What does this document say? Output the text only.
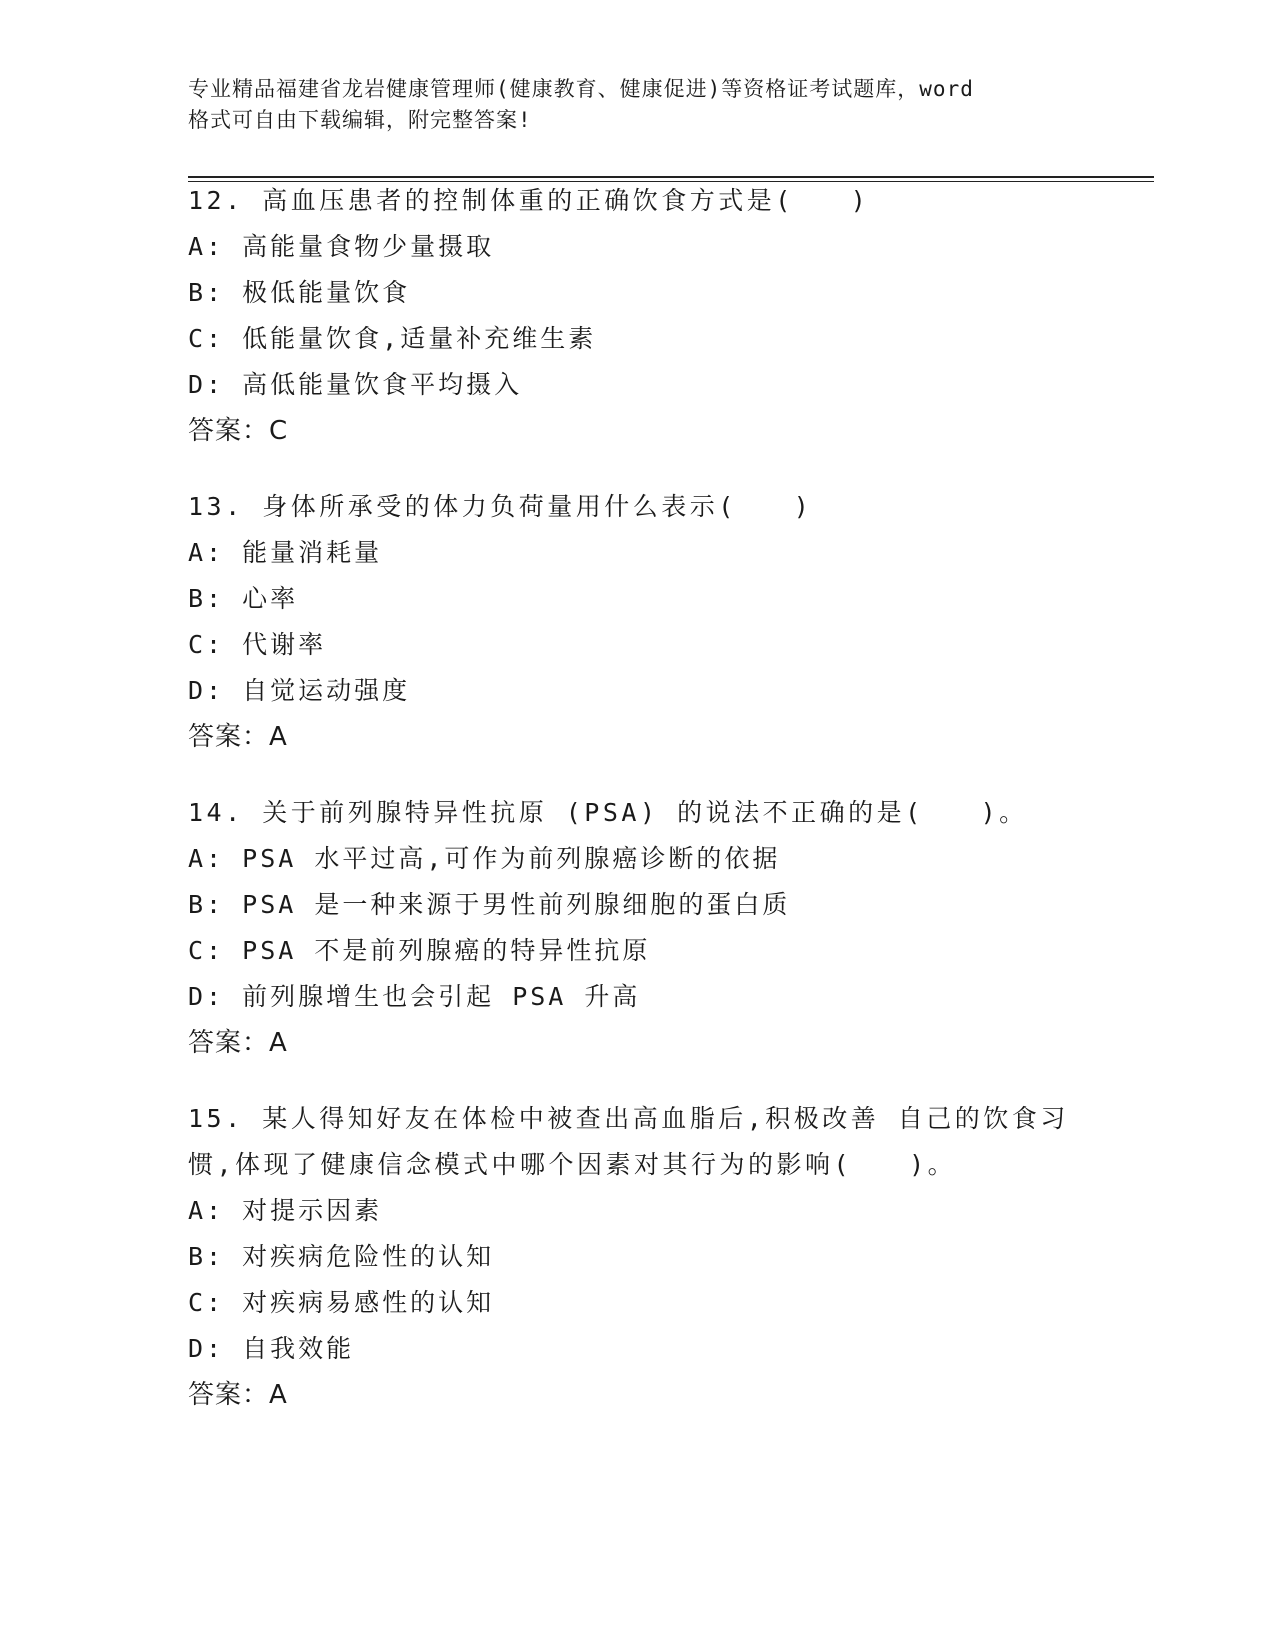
专业精品福建省龙岩健康管理师(健康教育、健康促进)等资格证考试题库，word
格式可自由下载编辑，附完整答案!
12. 高血压患者的控制体重的正确饮食方式是(　　)
A: 高能量食物少量摄取
B: 极低能量饮食
C: 低能量饮食,适量补充维生素
D: 高低能量饮食平均摄入
答案：C
13. 身体所承受的体力负荷量用什么表示(　　)
A: 能量消耗量
B: 心率
C: 代谢率
D: 自觉运动强度
答案：A
14. 关于前列腺特异性抗原 (PSA) 的说法不正确的是(　　)。
A: PSA 水平过高,可作为前列腺癌诊断的依据
B: PSA 是一种来源于男性前列腺细胞的蛋白质
C: PSA 不是前列腺癌的特异性抗原
D: 前列腺增生也会引起 PSA 升高
答案：A
15. 某人得知好友在体检中被查出高血脂后,积极改善 自己的饮食习
惯,体现了健康信念模式中哪个因素对其行为的影响(　　)。
A: 对提示因素
B: 对疾病危险性的认知
C: 对疾病易感性的认知
D: 自我效能
答案：A
